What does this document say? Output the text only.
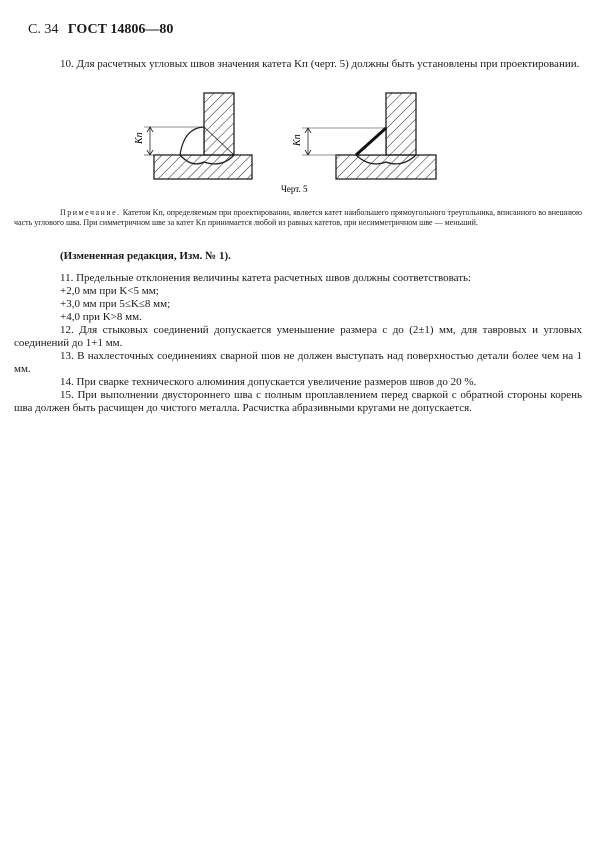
С. 34 ГОСТ 14806—80
10. Для расчетных угловых швов значения катета Kп (черт. 5) должны быть установлены при проектировании.
Кп	Кп
Черт. 5
Примечание. Катетом Kп, определяемым при проектировании, является катет наибольшего прямоугольного треугольника, вписанного во внешнюю часть углового шва. При симметричном шве за катет Kп принимается любой из равных катетов, при несимметричном шве — меньший.
(Измененная редакция, Изм. № 1).
11. Предельные отклонения величины катета расчетных швов должны соответствовать:
+2,0 мм при K<5 мм;
+3,0 мм при 5≤K≤8 мм;
+4,0 при K>8 мм.
12. Для стыковых соединений допускается уменьшение размера c до (2±1) мм, для тавровых и угловых соединений до 1+1 мм.
13. В нахлесточных соединениях сварной шов не должен выступать над поверхностью детали более чем на 1 мм.
14. При сварке технического алюминия допускается увеличение размеров швов до 20 %.
15. При выполнении двустороннего шва с полным проплавлением перед сваркой с обратной стороны корень шва должен быть расчищен до чистого металла. Расчистка абразивными кругами не допускается.
